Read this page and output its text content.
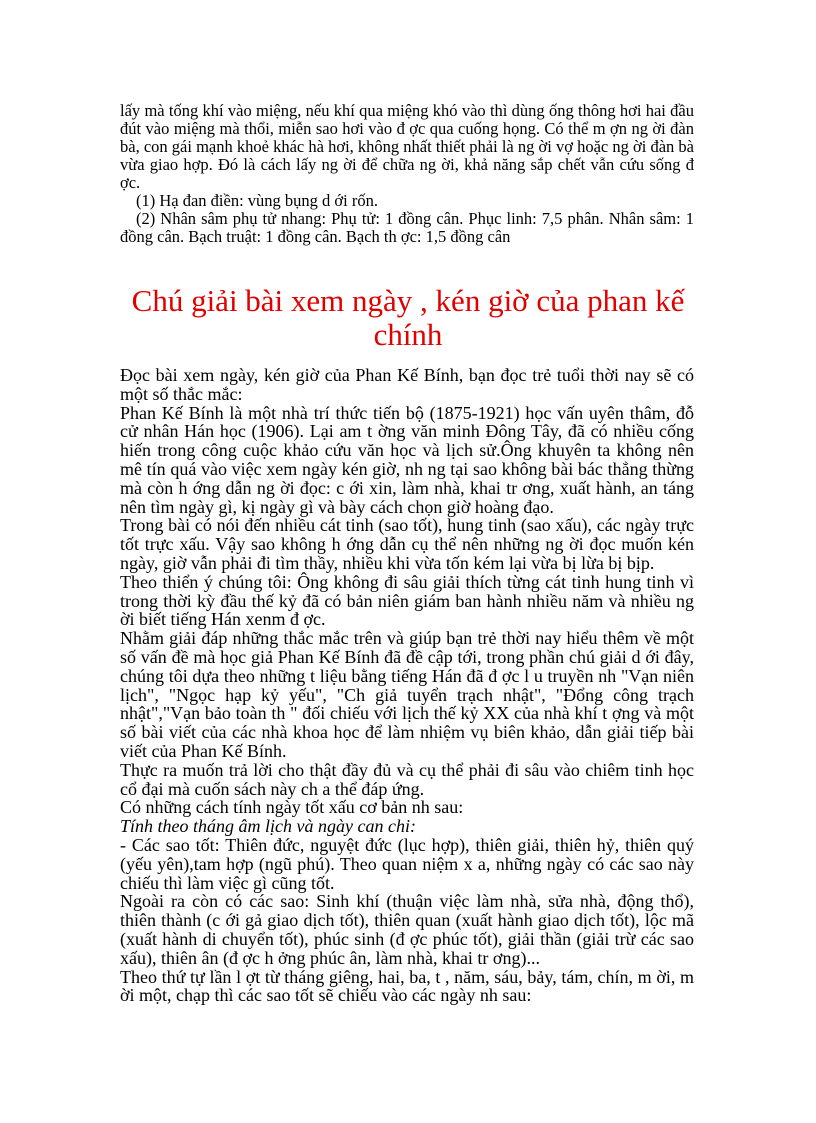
lấy mà tống khí vào miệng, nếu khí qua miệng khó vào thì dùng ống thông hơi hai đầu đút vào miệng mà thổi, miễn sao hơi vào đ ợc qua cuống họng. Có thể m ợn ng ời đàn bà, con gái mạnh khoẻ khác hà hơi, không nhất thiết phải là ng ời vợ hoặc ng ời đàn bà vừa giao hợp. Đó là cách lấy ng ời để chữa ng ời, khả năng sắp chết vẫn cứu sống đ ợc.

(1) Hạ đan điền: vùng bụng d ới rốn.

(2) Nhân sâm phụ tử nhang: Phụ tử: 1 đồng cân. Phục linh: 7,5 phân. Nhân sâm: 1 đồng cân. Bạch truật: 1 đồng cân. Bạch th ợc: 1,5 đồng cân

Chú giải bài xem ngày , kén giờ của phan kế chính

Đọc bài xem ngày, kén giờ của Phan Kế Bính, bạn đọc trẻ tuổi thời nay sẽ có một số thắc mắc:

Phan Kế Bính là một nhà trí thức tiến bộ (1875-1921) học vấn uyên thâm, đỗ cử nhân Hán học (1906). Lại am t ờng văn minh Đông Tây, đã có nhiều cống hiến trong công cuộc khảo cứu văn học và lịch sử.Ông khuyên ta không nên mê tín quá vào việc xem ngày kén giờ, nh ng tại sao không bài bác thẳng thừng mà còn h ớng dẫn ng ời đọc: c ới xin, làm nhà, khai tr ơng, xuất hành, an táng nên tìm ngày gì, kị ngày gì và bày cách chọn giờ hoàng đạo.

Trong bài có nói đến nhiều cát tinh (sao tốt), hung tinh (sao xấu), các ngày trực tốt trực xấu. Vậy sao không h ớng dẫn cụ thể nên những ng ời đọc muốn kén ngày, giờ vẫn phải đi tìm thầy, nhiều khi vừa tốn kém lại vừa bị lừa bị bịp.

Theo thiển ý chúng tôi: Ông không đi sâu giải thích từng cát tinh hung tinh vì trong thời kỳ đầu thế kỷ đã có bản niên giám ban hành nhiều năm và nhiều ng ời biết tiếng Hán xenm đ ợc.

Nhằm giải đáp những thắc mắc trên và giúp bạn trẻ thời nay hiểu thêm về một số vấn đề mà học giả Phan Kế Bính đã đề cập tới, trong phần chú giải d ới đây, chúng tôi dựa theo những t liệu bằng tiếng Hán đã đ ợc l u truyền nh "Vạn niên lịch", "Ngọc hạp kỷ yếu", "Ch giả tuyển trạch nhật", "Đổng công trạch nhật","Vạn bảo toàn th " đối chiếu với lịch thế kỷ XX của nhà khí t ợng và một số bài viết của các nhà khoa học để làm nhiệm vụ biên khảo, dẫn giải tiếp bài viết của Phan Kế Bính.

Thực ra muốn trả lời cho thật đầy đủ và cụ thể phải đi sâu vào chiêm tinh học cổ đại mà cuốn sách này ch a thể đáp ứng.

Có những cách tính ngày tốt xấu cơ bản nh sau:

Tính theo tháng âm lịch và ngày can chi:

- Các sao tốt: Thiên đức, nguyệt đức (lục hợp), thiên giải, thiên hỷ, thiên quý (yếu yên),tam hợp (ngũ phú). Theo quan niệm x a, những ngày có các sao này chiếu thì làm việc gì cũng tốt.

Ngoài ra còn có các sao: Sinh khí (thuận việc làm nhà, sửa nhà, động thổ), thiên thành (c ới gả giao dịch tốt), thiên quan (xuất hành giao dịch tốt), lộc mã (xuất hành di chuyển tốt), phúc sinh (đ ợc phúc tốt), giải thần (giải trừ các sao xấu), thiên ân (đ ợc h ởng phúc ân, làm nhà, khai tr ơng)...

Theo thứ tự lần l ợt từ tháng giêng, hai, ba, t , năm, sáu, bảy, tám, chín, m ời, m ời một, chạp thì các sao tốt sẽ chiếu vào các ngày nh sau:
